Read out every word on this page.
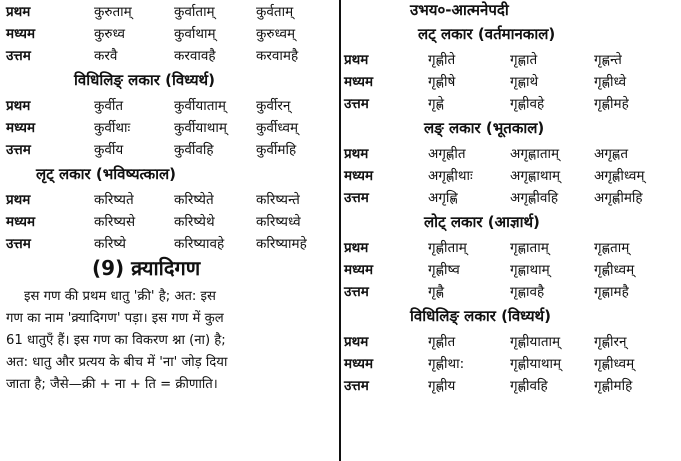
प्रथम	कुरुताम्	कुर्वाताम्	कुर्वताम्
मध्यम	कुरुध्व	कुर्वाथाम्	कुरुध्वम्
उत्तम	करवै	करवावहै	करवामहै
विधिलिङ् लकार (विध्यर्थ)
प्रथम	कुर्वीत	कुर्वीयाताम् कुर्वीरन्
मध्यम	कुर्वीथाः	कुर्वीयाथाम् कुर्वीध्वम्
उत्तम	कुर्वीय	कुर्वीवहि	कुर्वीमहि
लृट् लकार (भविष्यत्काल)
प्रथम	करिष्यते	करिष्येते	करिष्यन्ते
मध्यम	करिष्यसे	करिष्येथे	करिष्यध्वे
उत्तम	करिष्ये	करिष्यावहे करिष्यामहे
(9) क्र्यादिगण
इस गण की प्रथम धातु 'क्री' है; अत: इस
गण का नाम 'क्र्यादिगण' पड़ा। इस गण में कुल
61 धातुएँ हैं। इस गण का विकरण श्ना (ना) है;
अत: धातु और प्रत्यय के बीच में 'ना' जोड़ दिया
जाता है; जैसे—क्री + ना + ति = क्रीणाति।
उभय०-आत्मनेपदी
लट् लकार (वर्तमानकाल)
प्रथम	गृह्णीते	गृह्णाते	गृह्णन्ते
मध्यम	गृह्णीषे	गृह्णाथे	गृह्णीध्वे
उत्तम	गृह्णे	गृह्णीवहे	गृह्णीमहे
लङ् लकार (भूतकाल)
प्रथम	अगृह्णीत	अगृह्णाताम्	अगृह्णत
मध्यम	अगृह्णीथाः	अगृह्णाथाम्	अगृह्णीध्वम्
उत्तम	अगृह्णि	अगृह्णीवहि	अगृह्णीमहि
लोट् लकार (आज्ञार्थ)
प्रथम	गृह्णीताम्	गृह्णाताम्	गृह्णताम्
मध्यम	गृह्णीष्व	गृह्णाथाम्	गृह्णीध्वम्
उत्तम	गृह्णै	गृह्णावहै	गृह्णामहै
विधिलिङ् लकार (विध्यर्थ)
प्रथम	गृह्णीत	गृह्णीयाताम्	गृह्णीरन्
मध्यम	गृह्णीथा:	गृह्णीयाथाम् गृह्णीध्वम्
उत्तम	गृह्णीय	गृह्णीवहि	गृह्णीमहि
